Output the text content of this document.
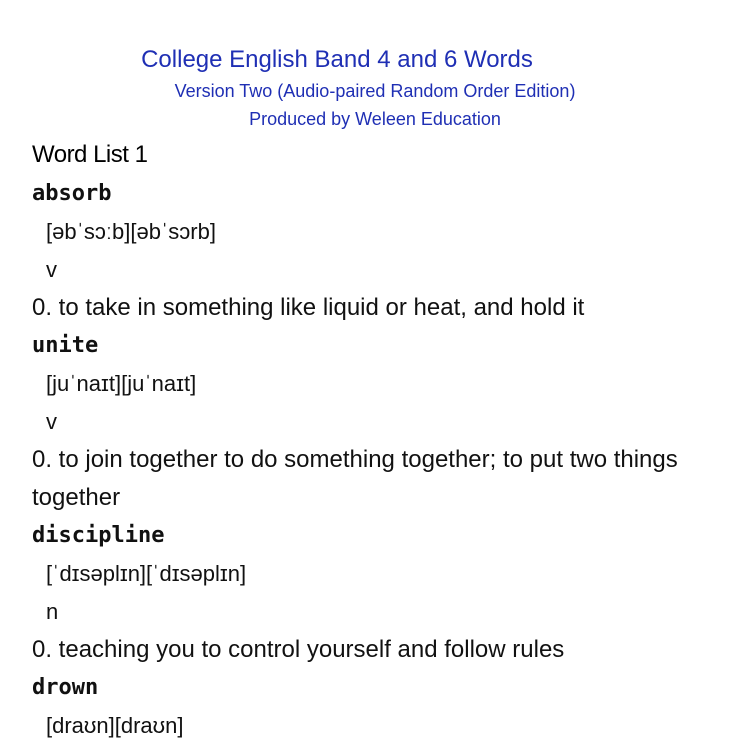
College English Band 4 and 6 Words
Version Two (Audio-paired Random Order Edition)
Produced by Weleen Education
Word List 1
absorb
[əbˈsɔːb][əbˈsɔrb]
v
0. to take in something like liquid or heat, and hold it
unite
[juˈnaɪt][juˈnaɪt]
v
0. to join together to do something together; to put two things together
discipline
[ˈdɪsəplɪn][ˈdɪsəplɪn]
n
0. teaching you to control yourself and follow rules
drown
[draʊn][draʊn]
